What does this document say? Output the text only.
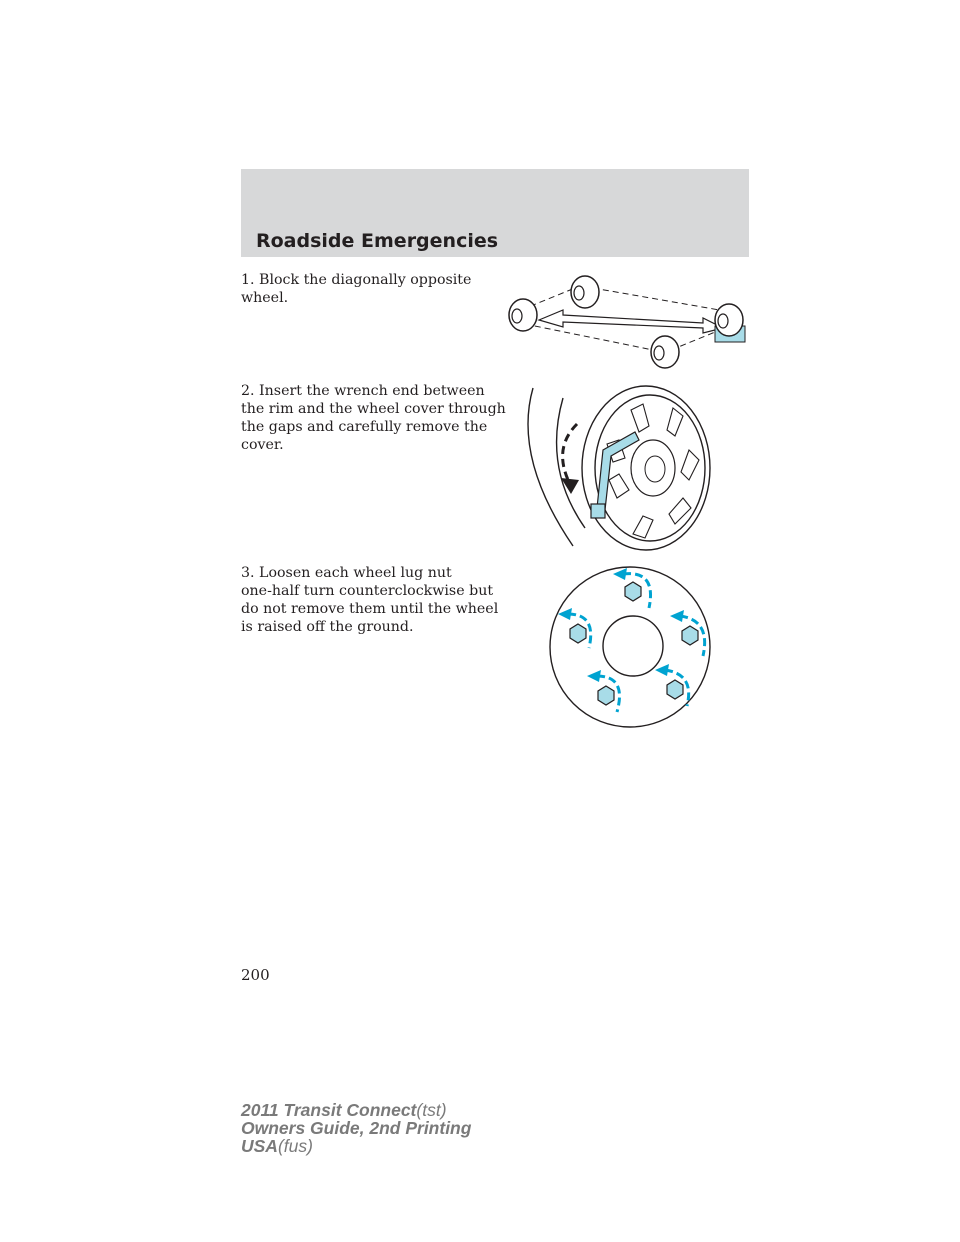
Roadside Emergencies
1. Block the diagonally opposite
wheel.
2. Insert the wrench end between
the rim and the wheel cover through
the gaps and carefully remove the
cover.
3. Loosen each wheel lug nut
one-half turn counterclockwise but
do not remove them until the wheel
is raised off the ground.
200
2011 Transit Connect(tst)
Owners Guide, 2nd Printing
USA(fus)
